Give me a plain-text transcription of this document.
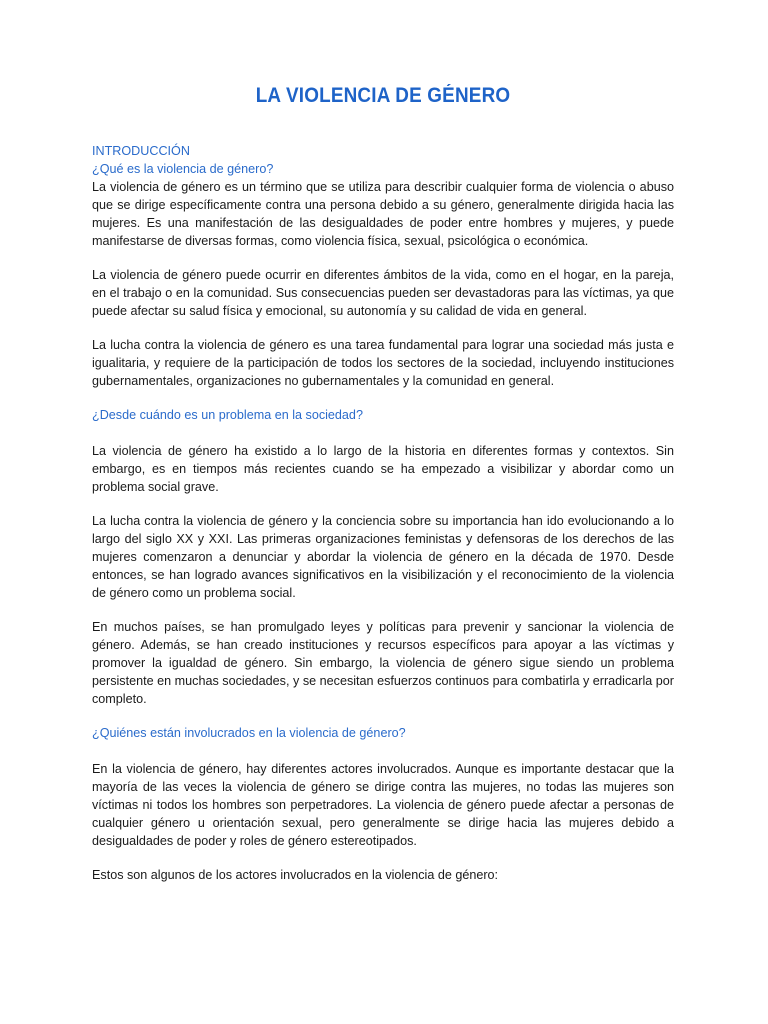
LA VIOLENCIA DE GÉNERO
INTRODUCCIÓN
¿Qué es la violencia de género?

La violencia de género es un término que se utiliza para describir cualquier forma de violencia o abuso que se dirige específicamente contra una persona debido a su género, generalmente dirigida hacia las mujeres. Es una manifestación de las desigualdades de poder entre hombres y mujeres, y puede manifestarse de diversas formas, como violencia física, sexual, psicológica o económica.

La violencia de género puede ocurrir en diferentes ámbitos de la vida, como en el hogar, en la pareja, en el trabajo o en la comunidad. Sus consecuencias pueden ser devastadoras para las víctimas, ya que puede afectar su salud física y emocional, su autonomía y su calidad de vida en general.

La lucha contra la violencia de género es una tarea fundamental para lograr una sociedad más justa e igualitaria, y requiere de la participación de todos los sectores de la sociedad, incluyendo instituciones gubernamentales, organizaciones no gubernamentales y la comunidad en general.

¿Desde cuándo es un problema en la sociedad?

La violencia de género ha existido a lo largo de la historia en diferentes formas y contextos. Sin embargo, es en tiempos más recientes cuando se ha empezado a visibilizar y abordar como un problema social grave.

La lucha contra la violencia de género y la conciencia sobre su importancia han ido evolucionando a lo largo del siglo XX y XXI. Las primeras organizaciones feministas y defensoras de los derechos de las mujeres comenzaron a denunciar y abordar la violencia de género en la década de 1970. Desde entonces, se han logrado avances significativos en la visibilización y el reconocimiento de la violencia de género como un problema social.

En muchos países, se han promulgado leyes y políticas para prevenir y sancionar la violencia de género. Además, se han creado instituciones y recursos específicos para apoyar a las víctimas y promover la igualdad de género. Sin embargo, la violencia de género sigue siendo un problema persistente en muchas sociedades, y se necesitan esfuerzos continuos para combatirla y erradicarla por completo.

¿Quiénes están involucrados en la violencia de género?

En la violencia de género, hay diferentes actores involucrados. Aunque es importante destacar que la mayoría de las veces la violencia de género se dirige contra las mujeres, no todas las mujeres son víctimas ni todos los hombres son perpetradores. La violencia de género puede afectar a personas de cualquier género u orientación sexual, pero generalmente se dirige hacia las mujeres debido a desigualdades de poder y roles de género estereotipados.

Estos son algunos de los actores involucrados en la violencia de género:
